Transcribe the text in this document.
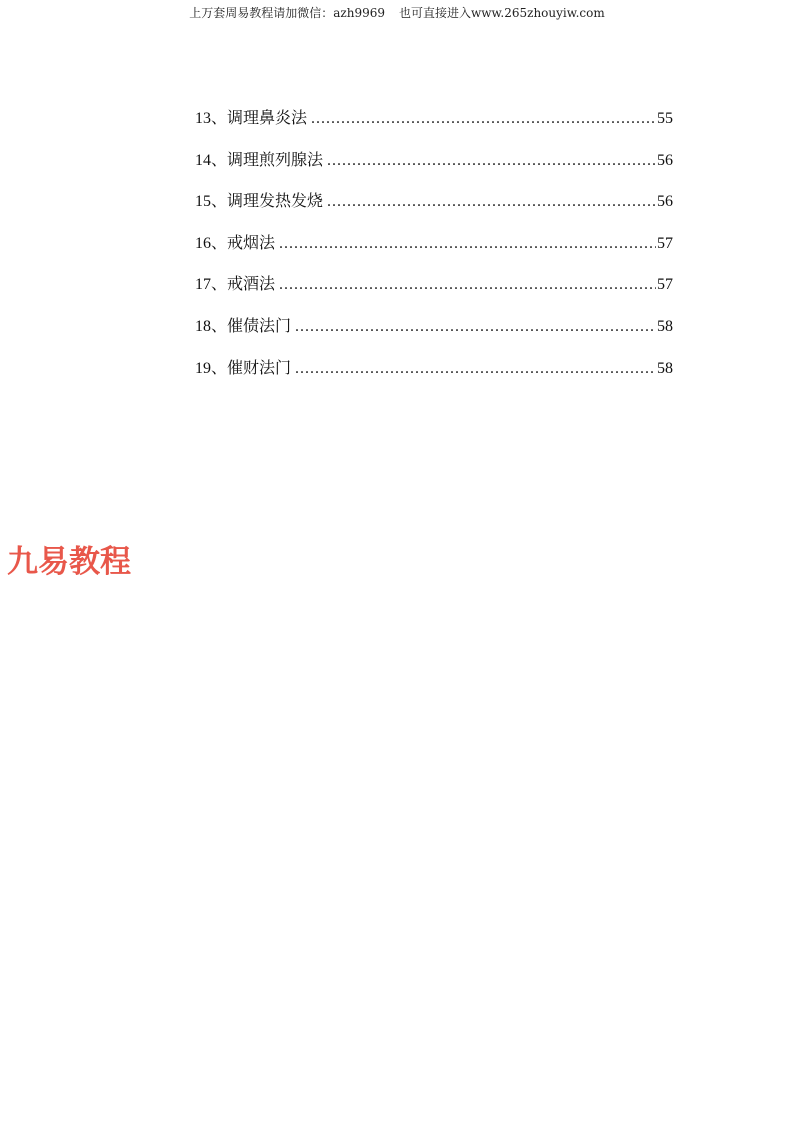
上万套周易教程请加微信：azh9969 也可直接进入www.265zhouyiw.com
13、 调理鼻炎法 .....	55
14、 调理煎列腺法 .....	56
15、 调理发热发烧 .....	56
16、 戒烟法 .....	57
17、 戒酒法 .....	57
18、 催债法门 .....	58
19、 催财法门 .....	58
九易教程
